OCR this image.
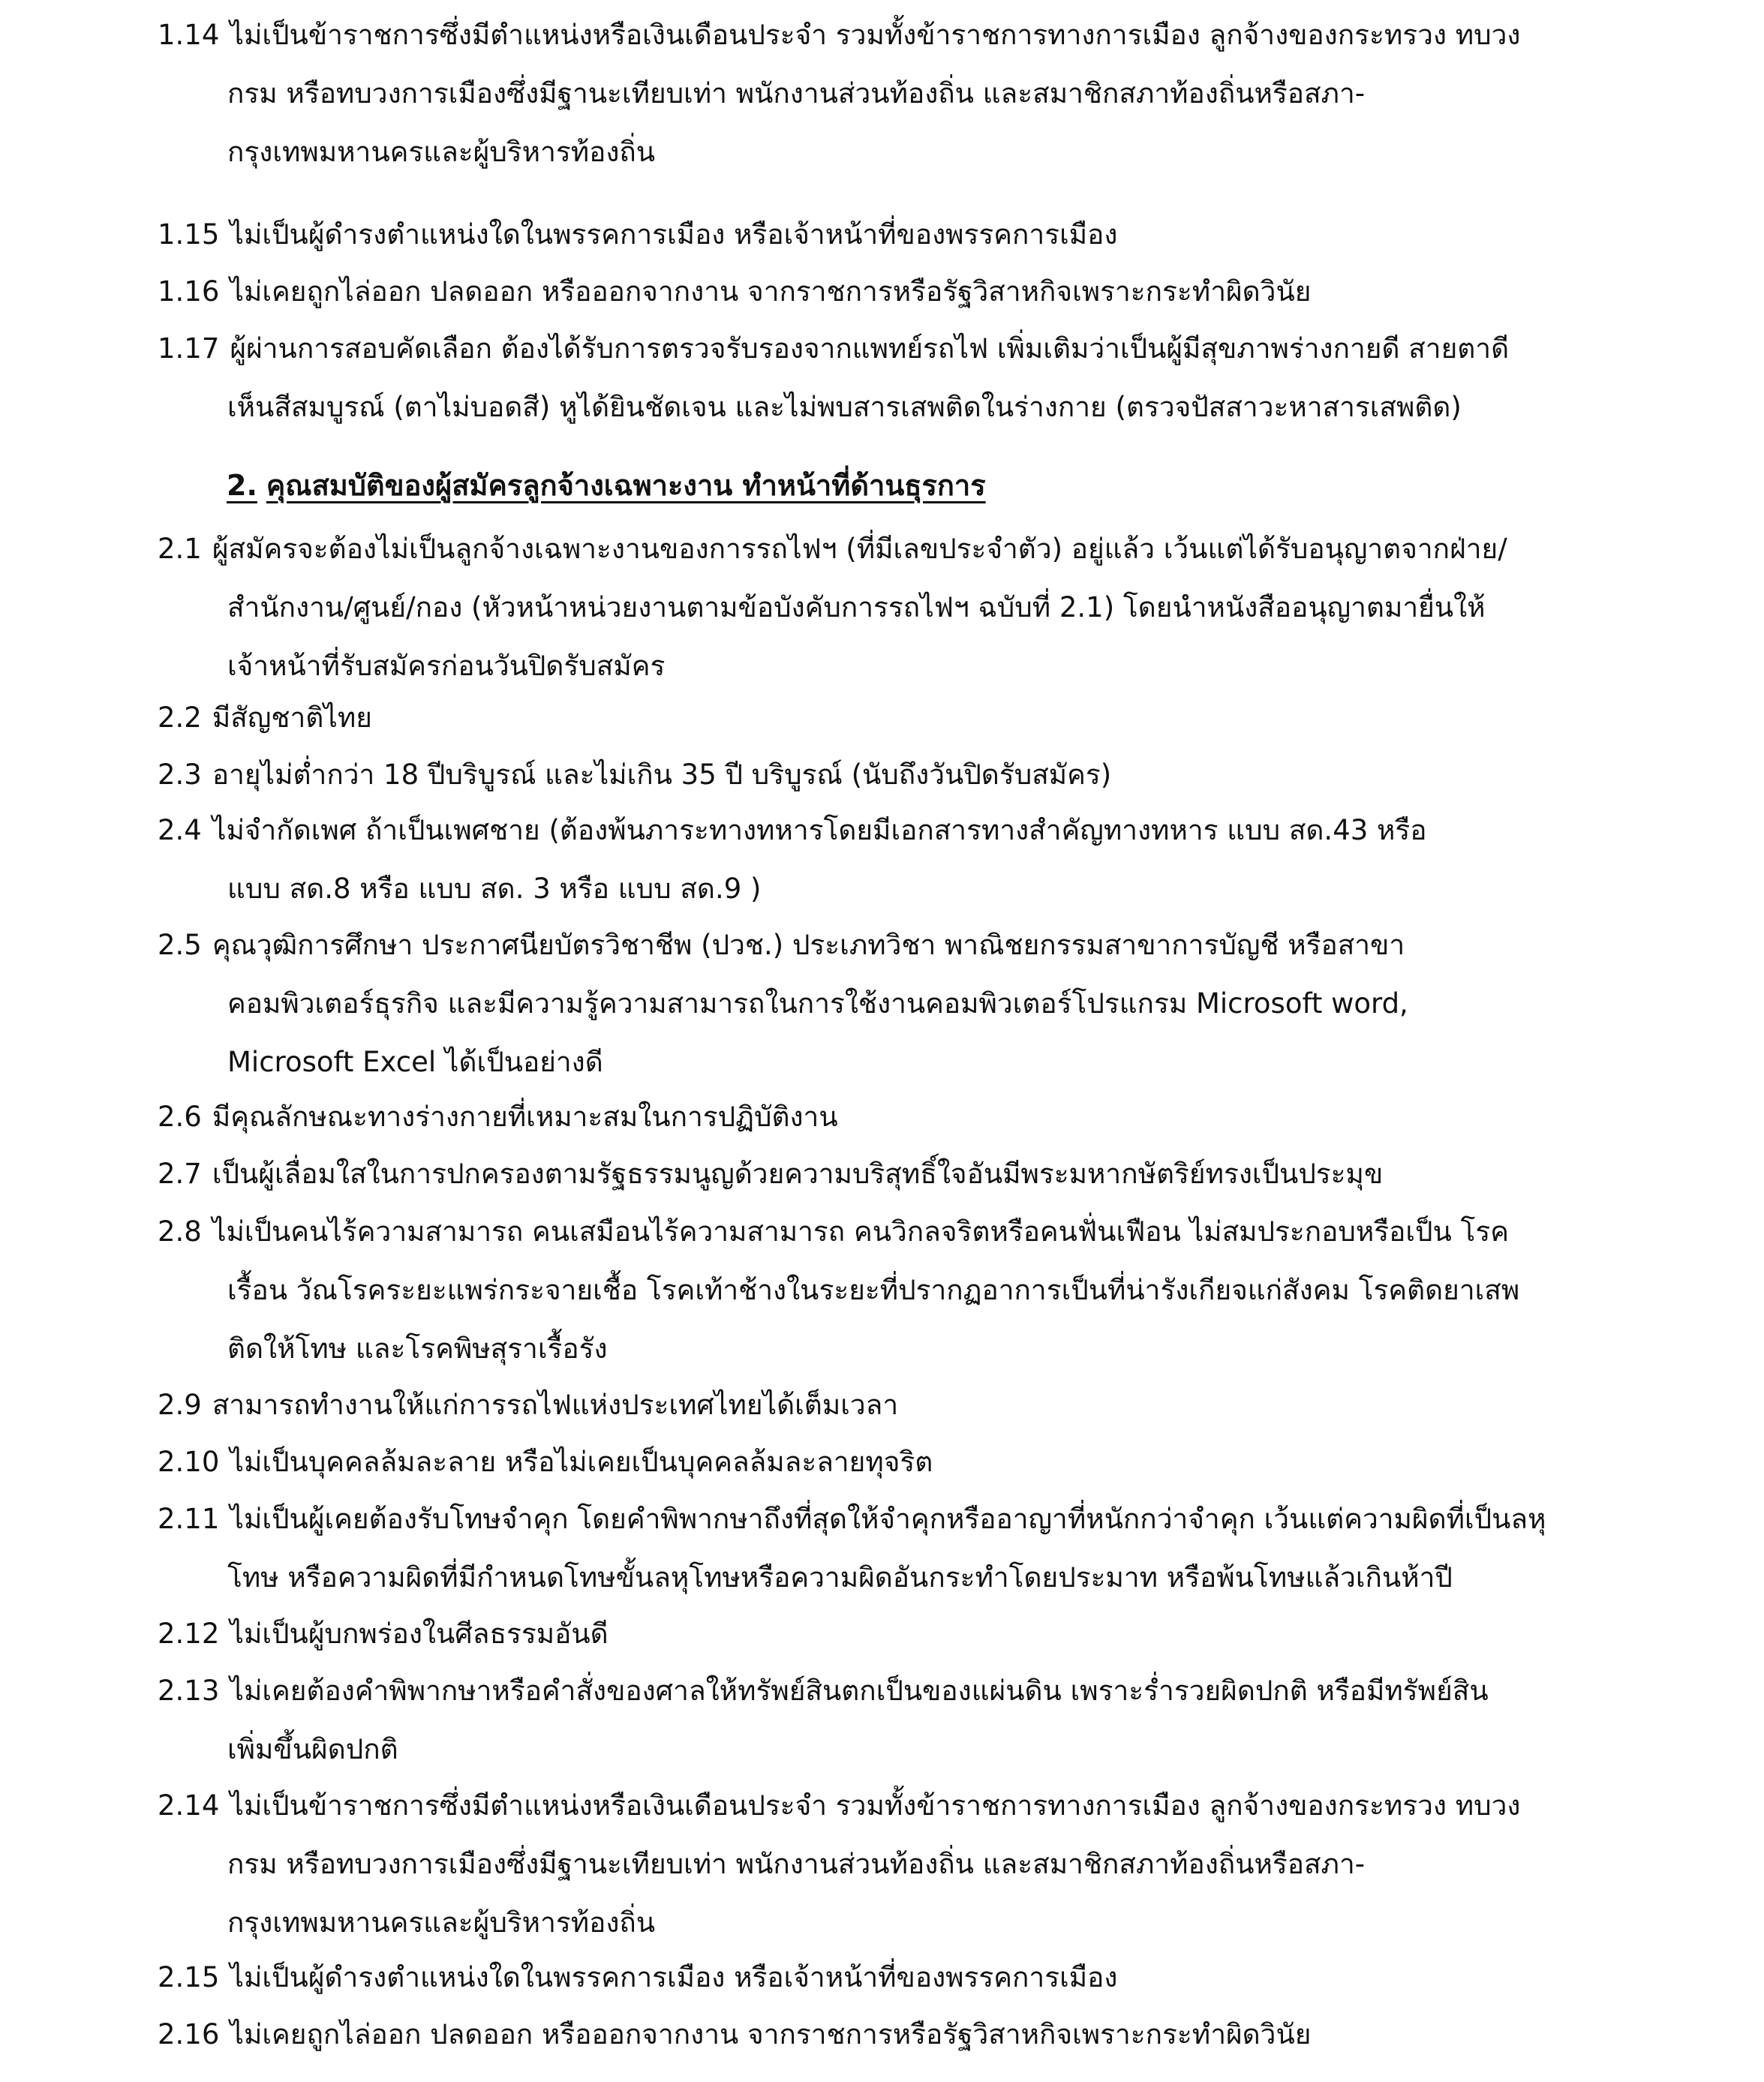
2. คุณสมบัติของผู้สมัครลูกจ้างเฉพาะงาน ทำหน้าที่ด้านธุรการ
1.14 ไม่เป็นข้าราชการซึ่งมีตำแหน่งหรือเงินเดือนประจำ รวมทั้งข้าราชการทางการเมือง ลูกจ้างของกระทรวง ทบวง
กรม หรือทบวงการเมืองซึ่งมีฐานะเทียบเท่า พนักงานส่วนท้องถิ่น และสมาชิกสภาท้องถิ่นหรือสภา-
กรุงเทพมหานครและผู้บริหารท้องถิ่น
1.15 ไม่เป็นผู้ดำรงตำแหน่งใดในพรรคการเมือง หรือเจ้าหน้าที่ของพรรคการเมือง
1.16 ไม่เคยถูกไล่ออก ปลดออก หรือออกจากงาน จากราชการหรือรัฐวิสาหกิจเพราะกระทำผิดวินัย
1.17 ผู้ผ่านการสอบคัดเลือก ต้องได้รับการตรวจรับรองจากแพทย์รถไฟ เพิ่มเติมว่าเป็นผู้มีสุขภาพร่างกายดี สายตาดี
เห็นสีสมบูรณ์ (ตาไม่บอดสี) หูได้ยินชัดเจน และไม่พบสารเสพติดในร่างกาย (ตรวจปัสสาวะหาสารเสพติด)
2.1 ผู้สมัครจะต้องไม่เป็นลูกจ้างเฉพาะงานของการรถไฟฯ (ที่มีเลขประจำตัว) อยู่แล้ว เว้นแต่ได้รับอนุญาตจากฝ่าย/
สำนักงาน/ศูนย์/กอง (หัวหน้าหน่วยงานตามข้อบังคับการรถไฟฯ ฉบับที่ 2.1) โดยนำหนังสืออนุญาตมายื่นให้
เจ้าหน้าที่รับสมัครก่อนวันปิดรับสมัคร
2.2 มีสัญชาติไทย
2.3 อายุไม่ต่ำกว่า 18 ปีบริบูรณ์ และไม่เกิน 35 ปี บริบูรณ์ (นับถึงวันปิดรับสมัคร)
2.4 ไม่จำกัดเพศ ถ้าเป็นเพศชาย (ต้องพ้นภาระทางทหารโดยมีเอกสารทางสำคัญทางทหาร แบบ สด.43 หรือ
แบบ สด.8 หรือ แบบ สด. 3 หรือ แบบ สด.9 )
2.5 คุณวุฒิการศึกษา ประกาศนียบัตรวิชาชีพ (ปวช.) ประเภทวิชา พาณิชยกรรมสาขาการบัญชี หรือสาขา
คอมพิวเตอร์ธุรกิจ และมีความรู้ความสามารถในการใช้งานคอมพิวเตอร์โปรแกรม Microsoft word,
Microsoft Excel ได้เป็นอย่างดี
2.6 มีคุณลักษณะทางร่างกายที่เหมาะสมในการปฏิบัติงาน
2.7 เป็นผู้เลื่อมใสในการปกครองตามรัฐธรรมนูญด้วยความบริสุทธิ์ใจอันมีพระมหากษัตริย์ทรงเป็นประมุข
2.8 ไม่เป็นคนไร้ความสามารถ คนเสมือนไร้ความสามารถ คนวิกลจริตหรือคนฟั่นเฟือน ไม่สมประกอบหรือเป็น โรค
เรื้อน วัณโรคระยะแพร่กระจายเชื้อ โรคเท้าช้างในระยะที่ปรากฏอาการเป็นที่น่ารังเกียจแก่สังคม โรคติดยาเสพ
ติดให้โทษ และโรคพิษสุราเรื้อรัง
2.9 สามารถทำงานให้แก่การรถไฟแห่งประเทศไทยได้เต็มเวลา
2.10 ไม่เป็นบุคคลล้มละลาย หรือไม่เคยเป็นบุคคลล้มละลายทุจริต
2.11 ไม่เป็นผู้เคยต้องรับโทษจำคุก โดยคำพิพากษาถึงที่สุดให้จำคุกหรืออาญาที่หนักกว่าจำคุก เว้นแต่ความผิดที่เป็นลหุ
โทษ หรือความผิดที่มีกำหนดโทษขั้นลหุโทษหรือความผิดอันกระทำโดยประมาท หรือพ้นโทษแล้วเกินห้าปี
2.12 ไม่เป็นผู้บกพร่องในศีลธรรมอันดี
2.13 ไม่เคยต้องคำพิพากษาหรือคำสั่งของศาลให้ทรัพย์สินตกเป็นของแผ่นดิน เพราะร่ำรวยผิดปกติ หรือมีทรัพย์สิน
เพิ่มขึ้นผิดปกติ
2.14 ไม่เป็นข้าราชการซึ่งมีตำแหน่งหรือเงินเดือนประจำ รวมทั้งข้าราชการทางการเมือง ลูกจ้างของกระทรวง ทบวง
กรม หรือทบวงการเมืองซึ่งมีฐานะเทียบเท่า พนักงานส่วนท้องถิ่น และสมาชิกสภาท้องถิ่นหรือสภา-
กรุงเทพมหานครและผู้บริหารท้องถิ่น
2.15 ไม่เป็นผู้ดำรงตำแหน่งใดในพรรคการเมือง หรือเจ้าหน้าที่ของพรรคการเมือง
2.16 ไม่เคยถูกไล่ออก ปลดออก หรือออกจากงาน จากราชการหรือรัฐวิสาหกิจเพราะกระทำผิดวินัย
